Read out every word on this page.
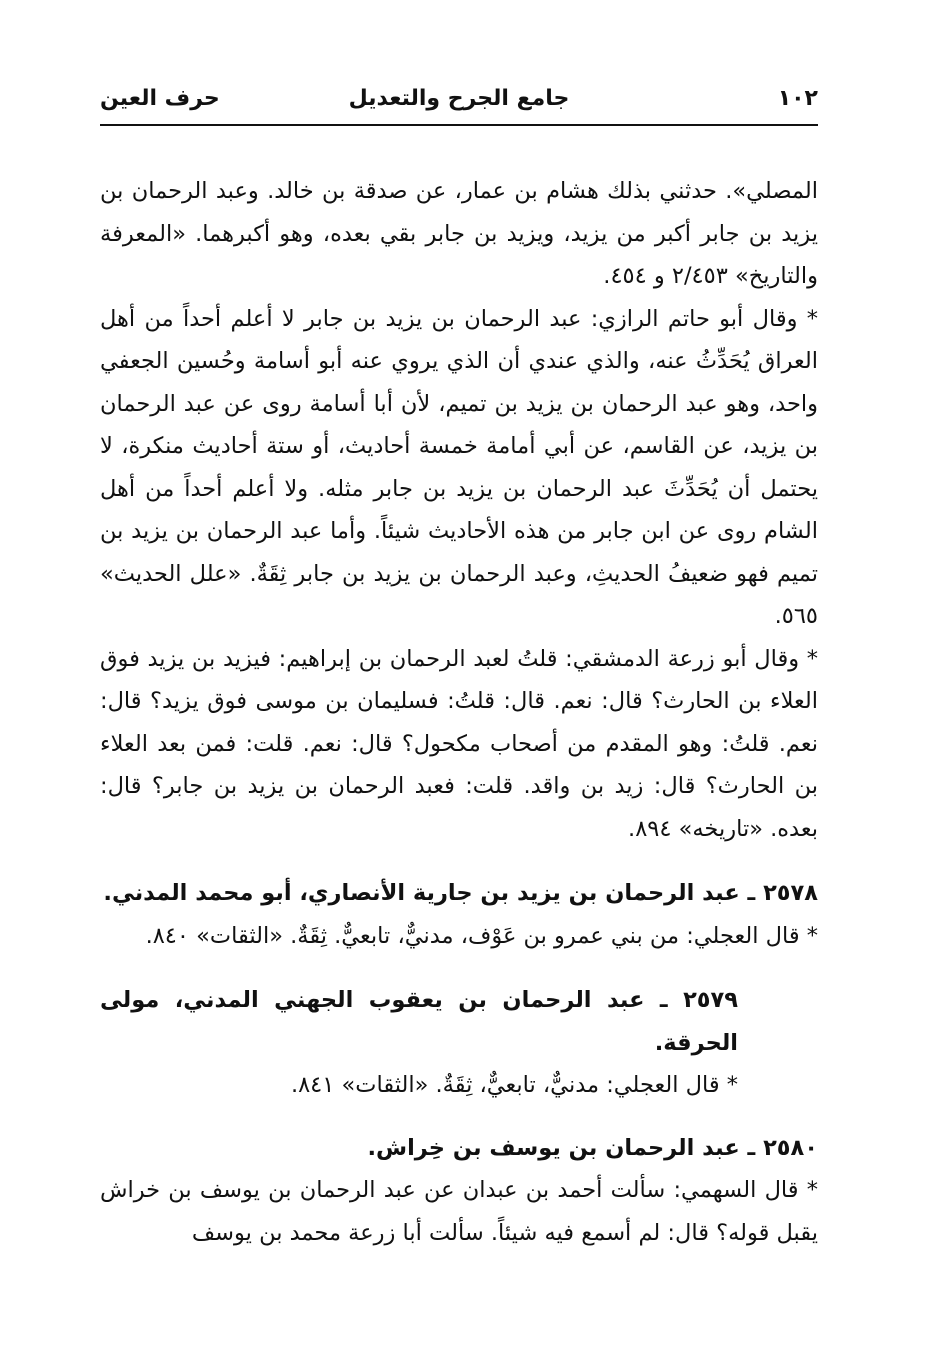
١٠٢
جامع الجرح والتعديل
حرف العين

المصلي». حدثني بذلك هشام بن عمار، عن صدقة بن خالد. وعبد الرحمان بن يزيد بن جابر أكبر من يزيد، ويزيد بن جابر بقي بعده، وهو أكبرهما. «المعرفة والتاريخ» ٢/٤٥٣ و ٤٥٤.

* وقال أبو حاتم الرازي: عبد الرحمان بن يزيد بن جابر لا أعلم أحداً من أهل العراق يُحَدِّثُ عنه، والذي عندي أن الذي يروي عنه أبو أسامة وحُسين الجعفي واحد، وهو عبد الرحمان بن يزيد بن تميم، لأن أبا أسامة روى عن عبد الرحمان بن يزيد، عن القاسم، عن أبي أمامة خمسة أحاديث، أو ستة أحاديث منكرة، لا يحتمل أن يُحَدِّثَ عبد الرحمان بن يزيد بن جابر مثله. ولا أعلم أحداً من أهل الشام روى عن ابن جابر من هذه الأحاديث شيئاً. وأما عبد الرحمان بن يزيد بن تميم فهو ضعيفُ الحديثِ، وعبد الرحمان بن يزيد بن جابر ثِقَةٌ. «علل الحديث» ٥٦٥.

* وقال أبو زرعة الدمشقي: قلتُ لعبد الرحمان بن إبراهيم: فيزيد بن يزيد فوق العلاء بن الحارث؟ قال: نعم. قال: قلتُ: فسليمان بن موسى فوق يزيد؟ قال: نعم. قلتُ: وهو المقدم من أصحاب مكحول؟ قال: نعم. قلت: فمن بعد العلاء بن الحارث؟ قال: زيد بن واقد. قلت: فعبد الرحمان بن يزيد بن جابر؟ قال: بعده. «تاريخه» ٨٩٤.

٢٥٧٨ ـ عبد الرحمان بن يزيد بن جارية الأنصاري، أبو محمد المدني.

* قال العجلي: من بني عمرو بن عَوْف، مدنيٌّ، تابعيٌّ. ثِقَةٌ. «الثقات» ٨٤٠.

٢٥٧٩ ـ عبد الرحمان بن يعقوب الجهني المدني، مولى الحرقة.

* قال العجلي: مدنيٌّ، تابعيٌّ، ثِقَةٌ. «الثقات» ٨٤١.

٢٥٨٠ ـ عبد الرحمان بن يوسف بن خِراش.

* قال السهمي: سألت أحمد بن عبدان عن عبد الرحمان بن يوسف بن خراش يقبل قوله؟ قال: لم أسمع فيه شيئاً. سألت أبا زرعة محمد بن يوسف
